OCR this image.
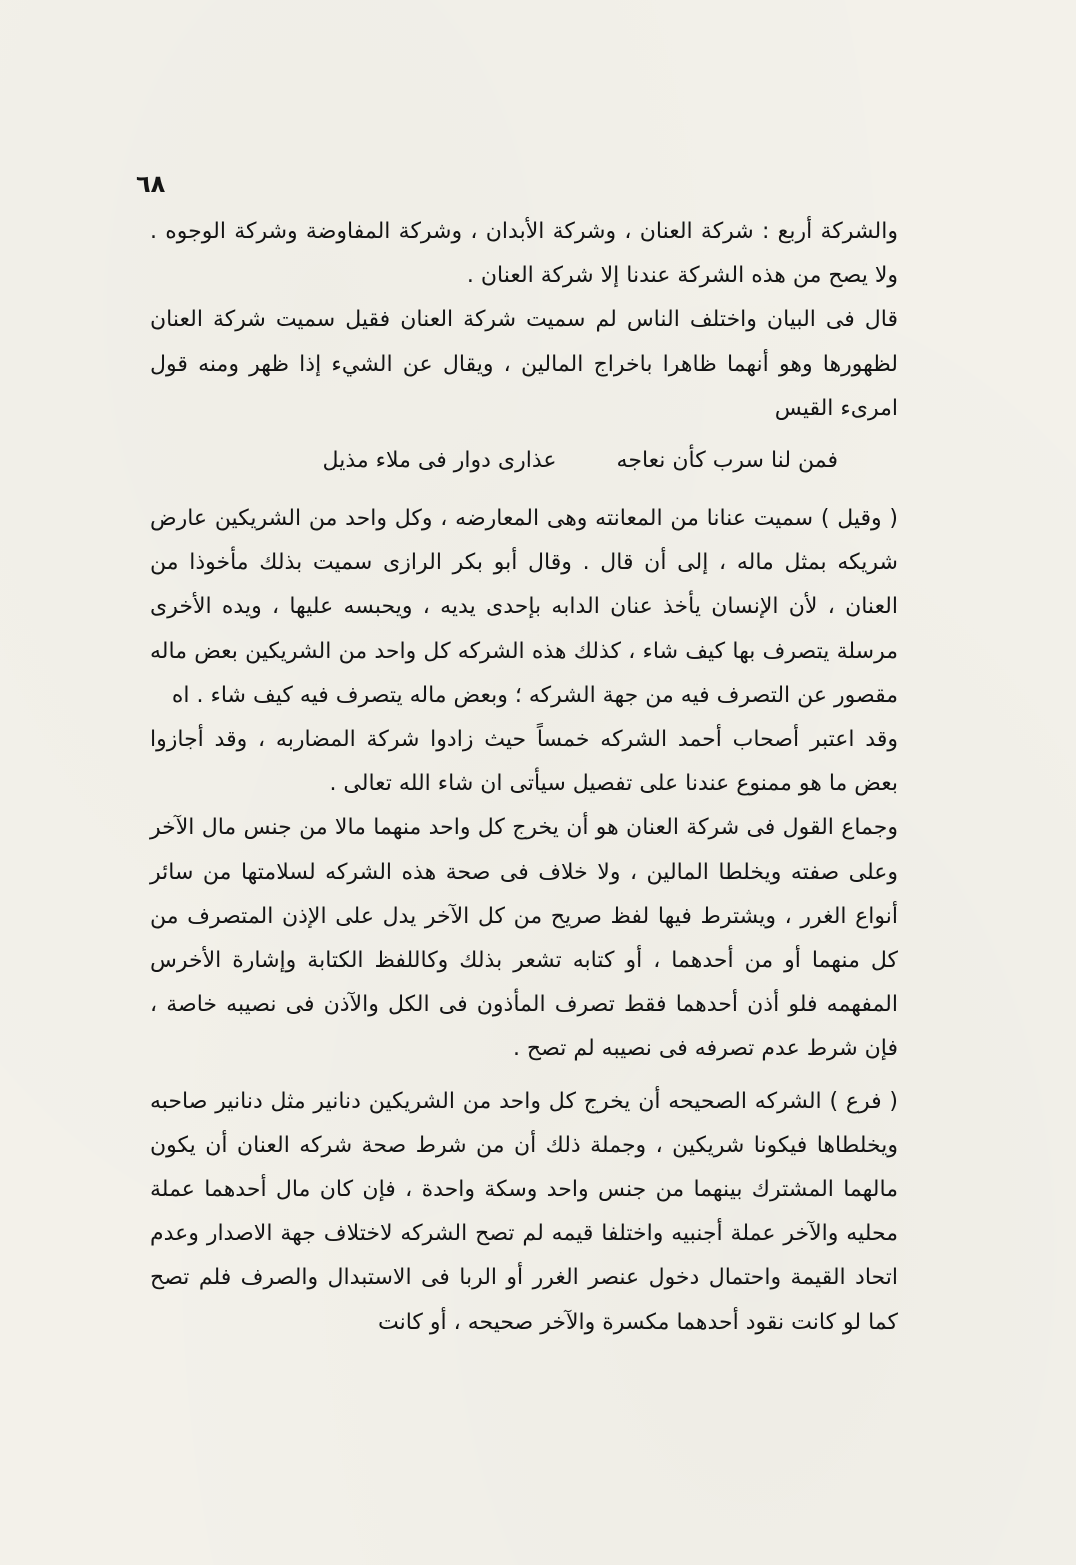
٦٨

والشركة أربع : شركة العنان ، وشركة الأبدان ، وشركة المفاوضة وشركة الوجوه . ولا يصح من هذه الشركة عندنا إلا شركة العنان .

قال فى البيان واختلف الناس لم سميت شركة العنان فقيل سميت شركة العنان لظهورها وهو أنهما ظاهرا باخراج المالين ، ويقال عن الشيء إذا ظهر ومنه قول امرىء القيس

فمن لنا سرب كأن نعاجه
عذارى دوار فى ملاء مذيل

( وقيل ) سميت عنانا من المعانته وهى المعارضه ، وكل واحد من الشريكين عارض شريكه بمثل ماله ، إلى أن قال . وقال أبو بكر الرازى سميت بذلك مأخوذا من العنان ، لأن الإنسان يأخذ عنان الدابه بإحدى يديه ، ويحبسه عليها ، ويده الأخرى مرسلة يتصرف بها كيف شاء ، كذلك هذه الشركه كل واحد من الشريكين بعض ماله مقصور عن التصرف فيه من جهة الشركه ؛ وبعض ماله يتصرف فيه كيف شاء . اه

وقد اعتبر أصحاب أحمد الشركه خمساً حيث زادوا شركة المضاربه ، وقد أجازوا بعض ما هو ممنوع عندنا على تفصيل سيأتى ان شاء الله تعالى .

وجماع القول فى شركة العنان هو أن يخرج كل واحد منهما مالا من جنس مال الآخر وعلى صفته ويخلطا المالين ، ولا خلاف فى صحة هذه الشركه لسلامتها من سائر أنواع الغرر ، ويشترط فيها لفظ صريح من كل الآخر يدل على الإذن المتصرف من كل منهما أو من أحدهما ، أو كتابه تشعر بذلك وكاللفظ الكتابة وإشارة الأخرس المفهمه فلو أذن أحدهما فقط تصرف المأذون فى الكل والآذن فى نصيبه خاصة ، فإن شرط عدم تصرفه فى نصيبه لم تصح .

( فرع ) الشركه الصحيحه أن يخرج كل واحد من الشريكين دنانير مثل دنانير صاحبه ويخلطاها فيكونا شريكين ، وجملة ذلك أن من شرط صحة شركه العنان أن يكون مالهما المشترك بينهما من جنس واحد وسكة واحدة ، فإن كان مال أحدهما عملة محليه والآخر عملة أجنبيه واختلفا قيمه لم تصح الشركه لاختلاف جهة الاصدار وعدم اتحاد القيمة واحتمال دخول عنصر الغرر أو الربا فى الاستبدال والصرف فلم تصح كما لو كانت نقود أحدهما مكسرة والآخر صحيحه ، أو كانت
